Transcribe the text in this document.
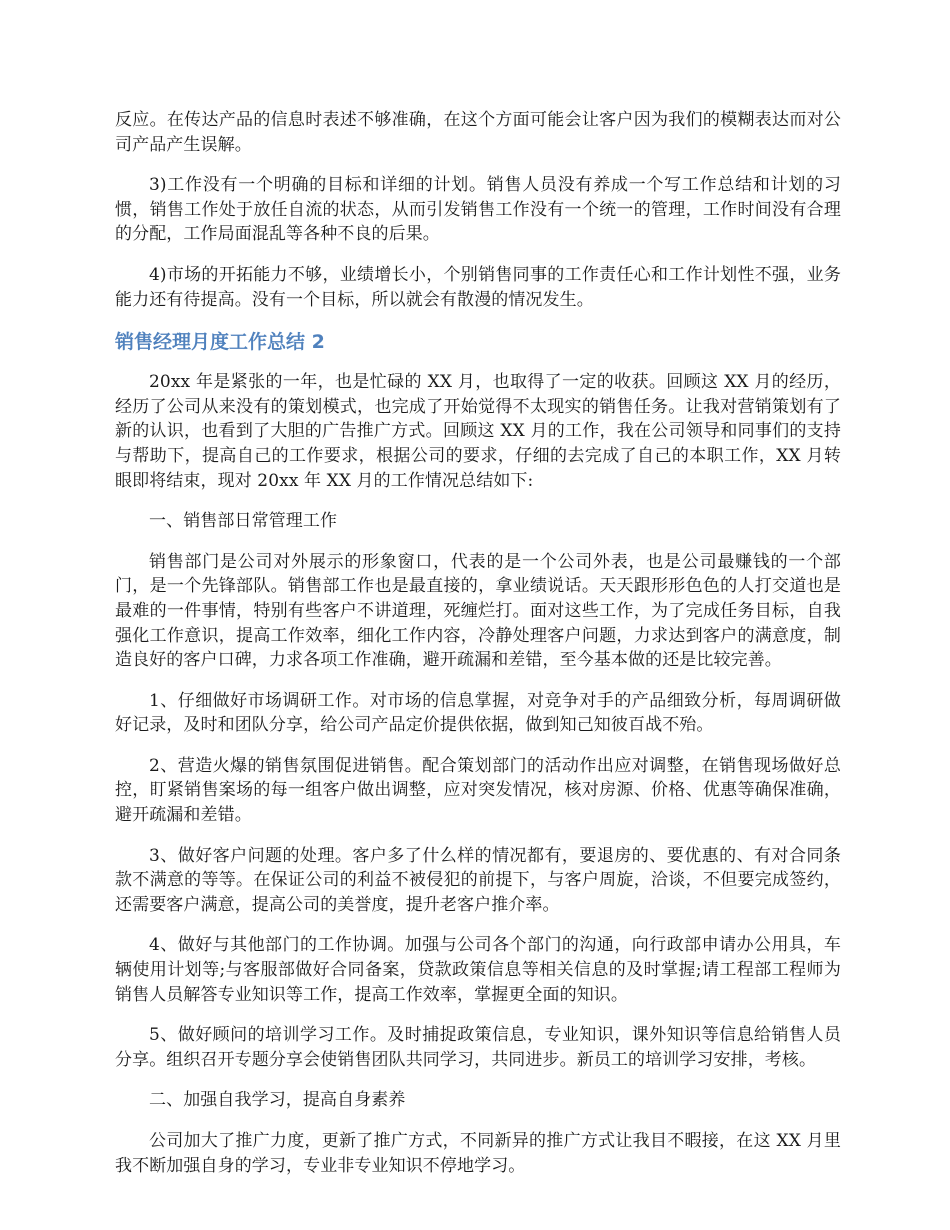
反应。在传达产品的信息时表述不够准确，在这个方面可能会让客户因为我们的模糊表达而对公司产品产生误解。

3)工作没有一个明确的目标和详细的计划。销售人员没有养成一个写工作总结和计划的习惯，销售工作处于放任自流的状态，从而引发销售工作没有一个统一的管理，工作时间没有合理的分配，工作局面混乱等各种不良的后果。

4)市场的开拓能力不够，业绩增长小，个别销售同事的工作责任心和工作计划性不强，业务能力还有待提高。没有一个目标，所以就会有散漫的情况发生。

销售经理月度工作总结 2

20xx 年是紧张的一年，也是忙碌的 XX 月，也取得了一定的收获。回顾这 XX 月的经历，经历了公司从来没有的策划模式，也完成了开始觉得不太现实的销售任务。让我对营销策划有了新的认识，也看到了大胆的广告推广方式。回顾这 XX 月的工作，我在公司领导和同事们的支持与帮助下，提高自己的工作要求，根据公司的要求，仔细的去完成了自己的本职工作，XX 月转眼即将结束，现对 20xx 年 XX 月的工作情况总结如下:

一、销售部日常管理工作

销售部门是公司对外展示的形象窗口，代表的是一个公司外表，也是公司最赚钱的一个部门，是一个先锋部队。销售部工作也是最直接的，拿业绩说话。天天跟形形色色的人打交道也是最难的一件事情，特别有些客户不讲道理，死缠烂打。面对这些工作，为了完成任务目标，自我强化工作意识，提高工作效率，细化工作内容，冷静处理客户问题，力求达到客户的满意度，制造良好的客户口碑，力求各项工作准确，避开疏漏和差错，至今基本做的还是比较完善。

1、仔细做好市场调研工作。对市场的信息掌握，对竞争对手的产品细致分析，每周调研做好记录，及时和团队分享，给公司产品定价提供依据，做到知己知彼百战不殆。

2、营造火爆的销售氛围促进销售。配合策划部门的活动作出应对调整，在销售现场做好总控，盯紧销售案场的每一组客户做出调整，应对突发情况，核对房源、价格、优惠等确保准确，避开疏漏和差错。

3、做好客户问题的处理。客户多了什么样的情况都有，要退房的、要优惠的、有对合同条款不满意的等等。在保证公司的利益不被侵犯的前提下，与客户周旋，洽谈，不但要完成签约，还需要客户满意，提高公司的美誉度，提升老客户推介率。

4、做好与其他部门的工作协调。加强与公司各个部门的沟通，向行政部申请办公用具，车辆使用计划等;与客服部做好合同备案，贷款政策信息等相关信息的及时掌握;请工程部工程师为销售人员解答专业知识等工作，提高工作效率，掌握更全面的知识。

5、做好顾问的培训学习工作。及时捕捉政策信息，专业知识，课外知识等信息给销售人员分享。组织召开专题分享会使销售团队共同学习，共同进步。新员工的培训学习安排，考核。

二、加强自我学习，提高自身素养

公司加大了推广力度，更新了推广方式，不同新异的推广方式让我目不暇接，在这 XX 月里我不断加强自身的学习，专业非专业知识不停地学习。
